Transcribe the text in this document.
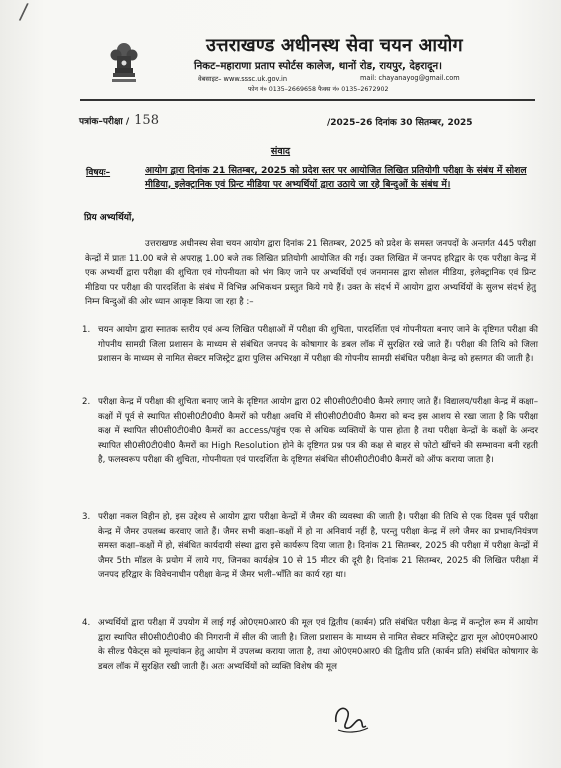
/
उत्तराखण्ड अधीनस्थ सेवा चयन आयोग
निकट–महाराणा प्रताप स्पोर्टस कालेज, थानों रोड, रायपुर, देहरादून।
वेबसाइट– www.sssc.uk.gov.in	mail: chayanayog@gmail.com
फोन नं० 0135–2669658 फैक्स नं० 0135–2672902
पत्रांक–परीक्षा / 158	/2025–26 दिनांक 30 सितम्बर, 2025
संवाद
विषयः–	आयोग द्वारा दिनांक 21 सितम्बर, 2025 को प्रदेश स्तर पर आयोजित लिखित प्रतियोगी परीक्षा के संबंध में सोशल मीडिया, इलेक्ट्रानिक एवं प्रिन्ट मीडिया पर अभ्यर्थियों द्वारा उठाये जा रहे बिन्दुओं के संबंध में।
प्रिय अभ्यर्थियों,
उत्तराखण्ड अधीनस्थ सेवा चयन आयोग द्वारा दिनांक 21 सितम्बर, 2025 को प्रदेश के समस्त जनपदों के अन्तर्गत 445 परीक्षा केन्द्रों में प्रातः 11.00 बजे से अपराह्न 1.00 बजे तक लिखित प्रतियोगी आयोजित की गई। उक्त लिखित में जनपद हरिद्वार के एक परीक्षा केन्द्र में एक अभ्यर्थी द्वारा परीक्षा की शुचिता एवं गोपनीयता को भंग किए जाने पर अभ्यर्थियों एवं जनमानस द्वारा सोशल मीडिया, इलेक्ट्रानिक एवं प्रिन्ट मीडिया पर परीक्षा की पारदर्शिता के संबंध में विभिन्न अभिकथन प्रस्तुत किये गये हैं। उक्त के संदर्भ में आयोग द्वारा अभ्यर्थियों के सुलभ संदर्भ हेतु निम्न बिन्दुओं की ओर ध्यान आकृष्ट किया जा रहा है :–
1. चयन आयोग द्वारा स्नातक स्तरीय एवं अन्य लिखित परीक्षाओं में परीक्षा की शुचिता, पारदर्शिता एवं गोपनीयता बनाए जाने के दृष्टिगत परीक्षा की गोपनीय सामग्री जिला प्रशासन के माध्यम से संबंधित जनपद के कोषागार के डबल लॉक में सुरक्षित रखे जाते हैं। परीक्षा की तिथि को जिला प्रशासन के माध्यम से नामित सेक्टर मजिस्ट्रेट द्वारा पुलिस अभिरक्षा में परीक्षा की गोपनीय सामग्री संबंधित परीक्षा केन्द्र को हस्तगत की जाती है।
2. परीक्षा केन्द्र में परीक्षा की शुचिता बनाए जाने के दृष्टिगत आयोग द्वारा 02 सी0सी0टी0वी0 कैमरे लगाए जाते हैं। विद्यालय/परीक्षा केन्द्र में कक्षा–कक्षों में पूर्व से स्थापित सी0सी0टी0वी0 कैमरों को परीक्षा अवधि में सी0सी0टी0वी0 कैमरा को बन्द इस आशय से रखा जाता है कि परीक्षा कक्ष में स्थापित सी0सी0टी0वी0 कैमरों का access/पहुंच एक से अधिक व्यक्तियों के पास होता है तथा परीक्षा केन्द्रों के कक्षों के अन्दर स्थापित सी0सी0टी0वी0 कैमरों का High Resolution होने के दृष्टिगत प्रश्न पत्र की कक्ष से बाहर से फोटो खींचने की सम्भावना बनी रहती है, फलस्वरूप परीक्षा की शुचिता, गोपनीयता एवं पारदर्शिता के दृष्टिगत संबंधित सी0सी0टी0वी0 कैमरों को ऑफ कराया जाता है।
3. परीक्षा नकल विहीन हो, इस उद्देश्य से आयोग द्वारा परीक्षा केन्द्रों में जैमर की व्यवस्था की जाती है। परीक्षा की तिथि से एक दिवस पूर्व परीक्षा केन्द्र में जैमर उपलब्ध करवाए जाते हैं। जैमर सभी कक्षा–कक्षों में हो ना अनिवार्य नहीं है, परन्तु परीक्षा केन्द्र में लगे जैमर का प्रभाव/नियंत्रण समस्त कक्षा–कक्षों में हो, संबंधित कार्यदायी संस्था द्वारा इसे कार्यरूप दिया जाता है। दिनांक 21 सितम्बर, 2025 की परीक्षा में परीक्षा केन्द्रों में जैमर 5th मॉडल के प्रयोग में लाये गए, जिनका कार्यक्षेत्र 10 से 15 मीटर की दूरी है। दिनांक 21 सितम्बर, 2025 की लिखित परीक्षा में जनपद हरिद्वार के विवेचनाधीन परीक्षा केन्द्र में जैमर भली–भाँति का कार्य रहा था।
4. अभ्यर्थियों द्वारा परीक्षा में उपयोग में लाई गई ओ0एम0आर0 की मूल एवं द्वितीय (कार्बन) प्रति संबंधित परीक्षा केन्द्र में कन्ट्रोल रूम में आयोग द्वारा स्थापित सी0सी0टी0वी0 की निगरानी में सील की जाती है। जिला प्रशासन के माध्यम से नामित सेक्टर मजिस्ट्रेट द्वारा मूल ओ0एम0आर0 के सील्ड पैकेट्स को मूल्यांकन हेतु आयोग में उपलब्ध कराया जाता है, तथा ओ0एम0आर0 की द्वितीय प्रति (कार्बन प्रति) संबंधित कोषागार के डबल लॉक में सुरक्षित रखी जाती हैं। अतः अभ्यर्थियों को व्यक्ति विशेष की मूल
